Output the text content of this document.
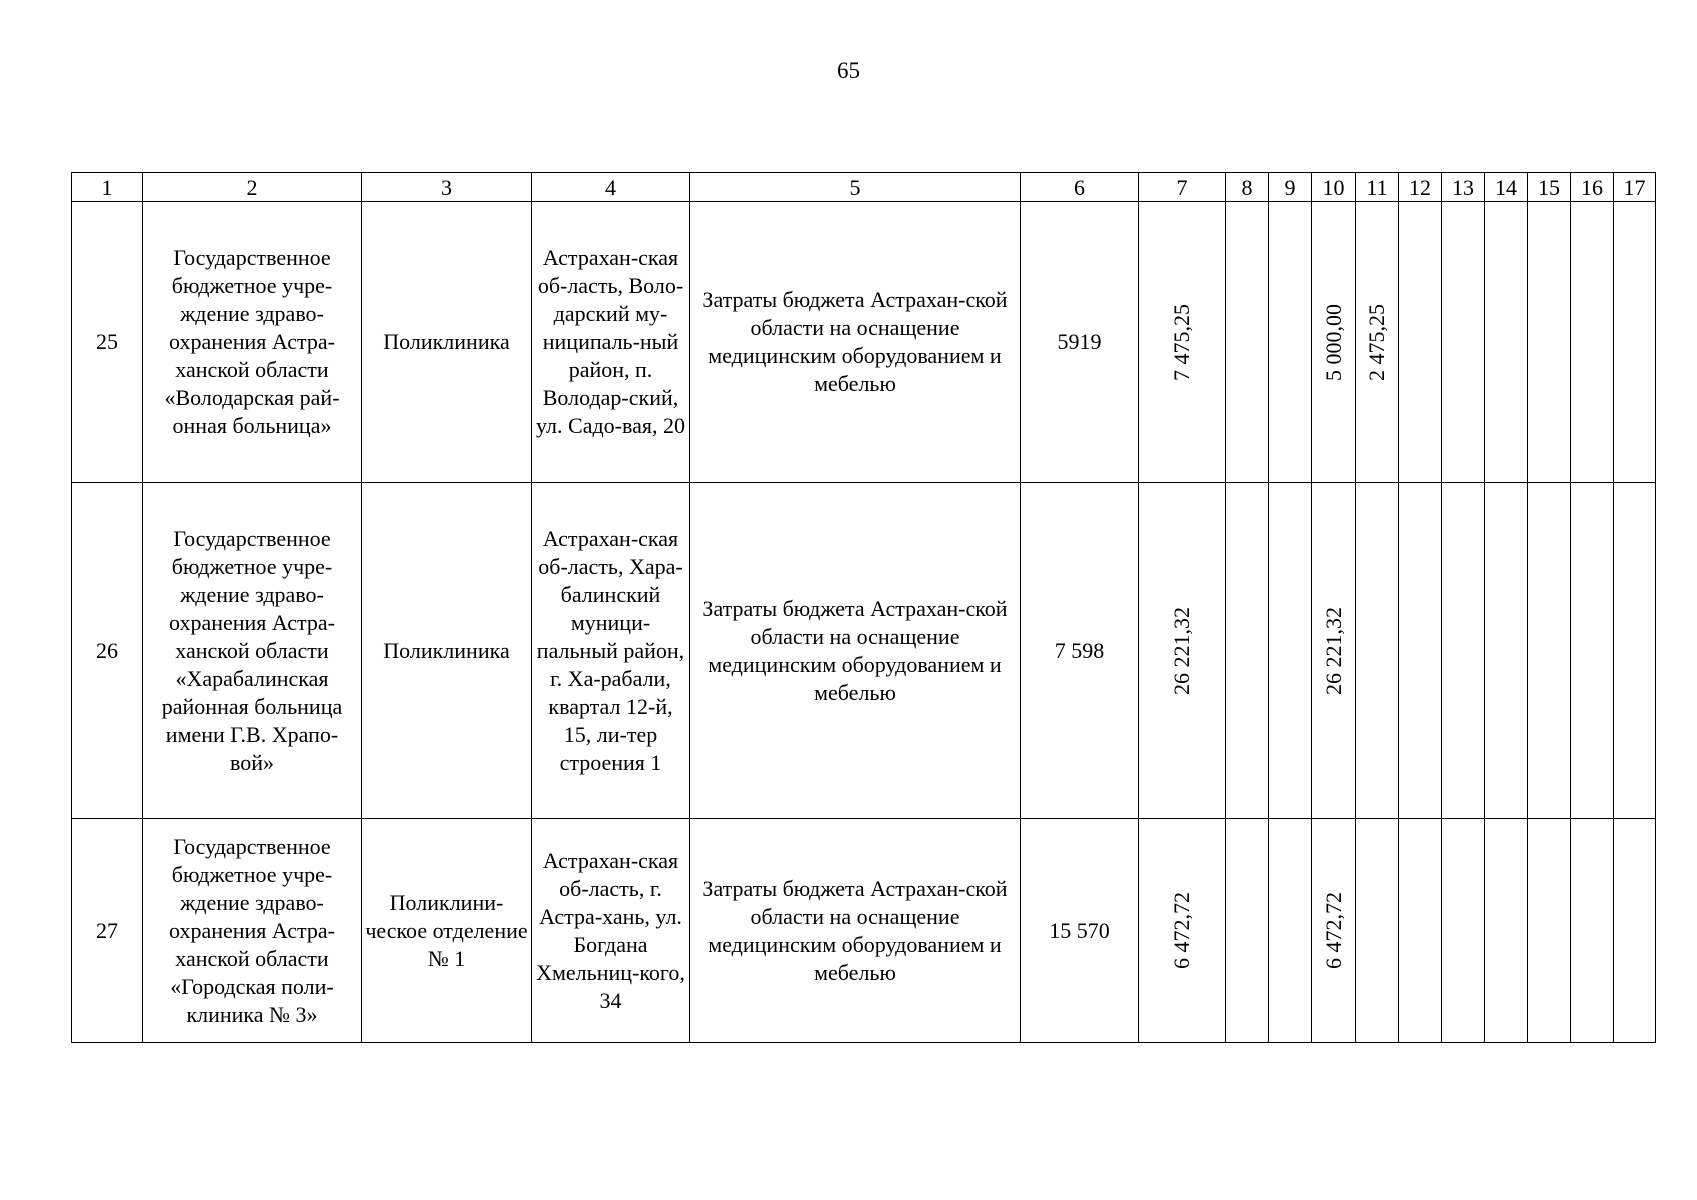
65
1	2	3	4	5	6	7	8	9	10	11	12	13	14	15	16	17
25	Государственное бюджетное учре-ждение здраво-охранения Астра-ханской области «Володарская рай-онная больница»	Поликлиника	Астрахан-ская об-ласть, Воло-дарский му-ниципаль-ный район, п. Володар-ский, ул. Садо-вая, 20	Затраты бюджета Астрахан-ской области на оснащение медицинским оборудованием и мебелью	5919	7 475,25			5 000,00	2 475,25						

26	Государственное бюджетное учре-ждение здраво-охранения Астра-ханской области «Харабалинская районная больница имени Г.В. Храпо-вой»	Поликлиника	Астрахан-ская об-ласть, Хара-балинский муници-пальный район, г. Ха-рабали, квартал 12-й, 15, ли-тер строения 1	Затраты бюджета Астрахан-ской области на оснащение медицинским оборудованием и мебелью	7 598	26 221,32			26 221,32							

27	Государственное бюджетное учре-ждение здраво-охранения Астра-ханской области «Городская поли-клиника № 3»	Поликлини-ческое отделение № 1	Астрахан-ская об-ласть, г. Астра-хань, ул. Богдана Хмельниц-кого, 34	Затраты бюджета Астрахан-ской области на оснащение медицинским оборудованием и мебелью	15 570	6 472,72			6 472,72							
